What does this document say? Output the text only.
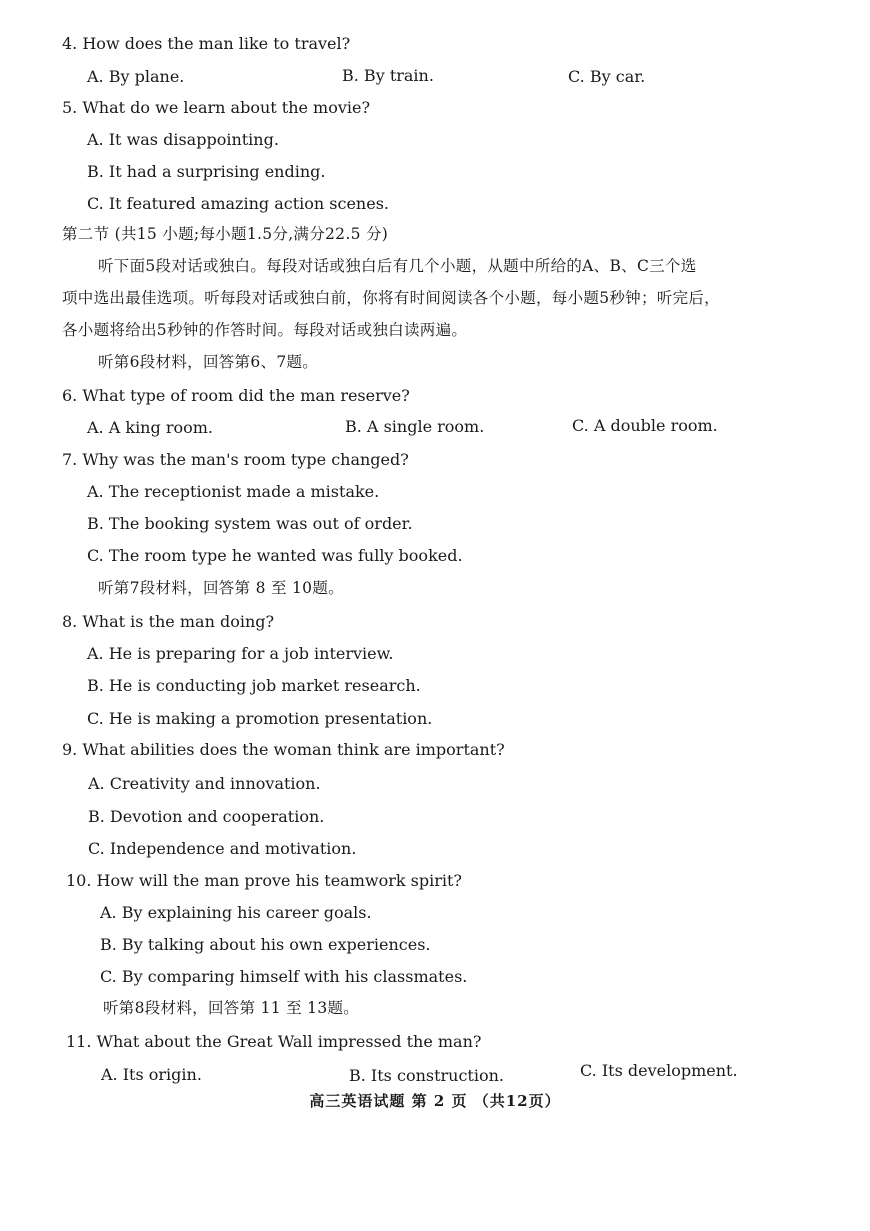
4. How does the man like to travel?
A. By plane.	B. By train.	C. By car.
5. What do we learn about the movie?
A. It was disappointing.
B. It had a surprising ending.
C. It featured amazing action scenes.
第二节 (共15 小题;每小题1.5分,满分22.5 分)
听下面5段对话或独白。每段对话或独白后有几个小题，从题中所给的A、B、C三个选
项中选出最佳选项。听每段对话或独白前，你将有时间阅读各个小题，每小题5秒钟；听完后，
各小题将给出5秒钟的作答时间。每段对话或独白读两遍。
听第6段材料，回答第6、7题。
6. What type of room did the man reserve?
A. A king room.	B. A single room.	C. A double room.
7. Why was the man's room type changed?
A. The receptionist made a mistake.
B. The booking system was out of order.
C. The room type he wanted was fully booked.
听第7段材料，回答第 8 至 10题。
8. What is the man doing?
A. He is preparing for a job interview.
B. He is conducting job market research.
C. He is making a promotion presentation.
9. What abilities does the woman think are important?
A. Creativity and innovation.
B. Devotion and cooperation.
C. Independence and motivation.
10. How will the man prove his teamwork spirit?
A. By explaining his career goals.
B. By talking about his own experiences.
C. By comparing himself with his classmates.
听第8段材料，回答第 11 至 13题。
11. What about the Great Wall impressed the man?
A. Its origin.	B. Its construction.	C. Its development.
高三英语试题 第 2 页 （共12页）
